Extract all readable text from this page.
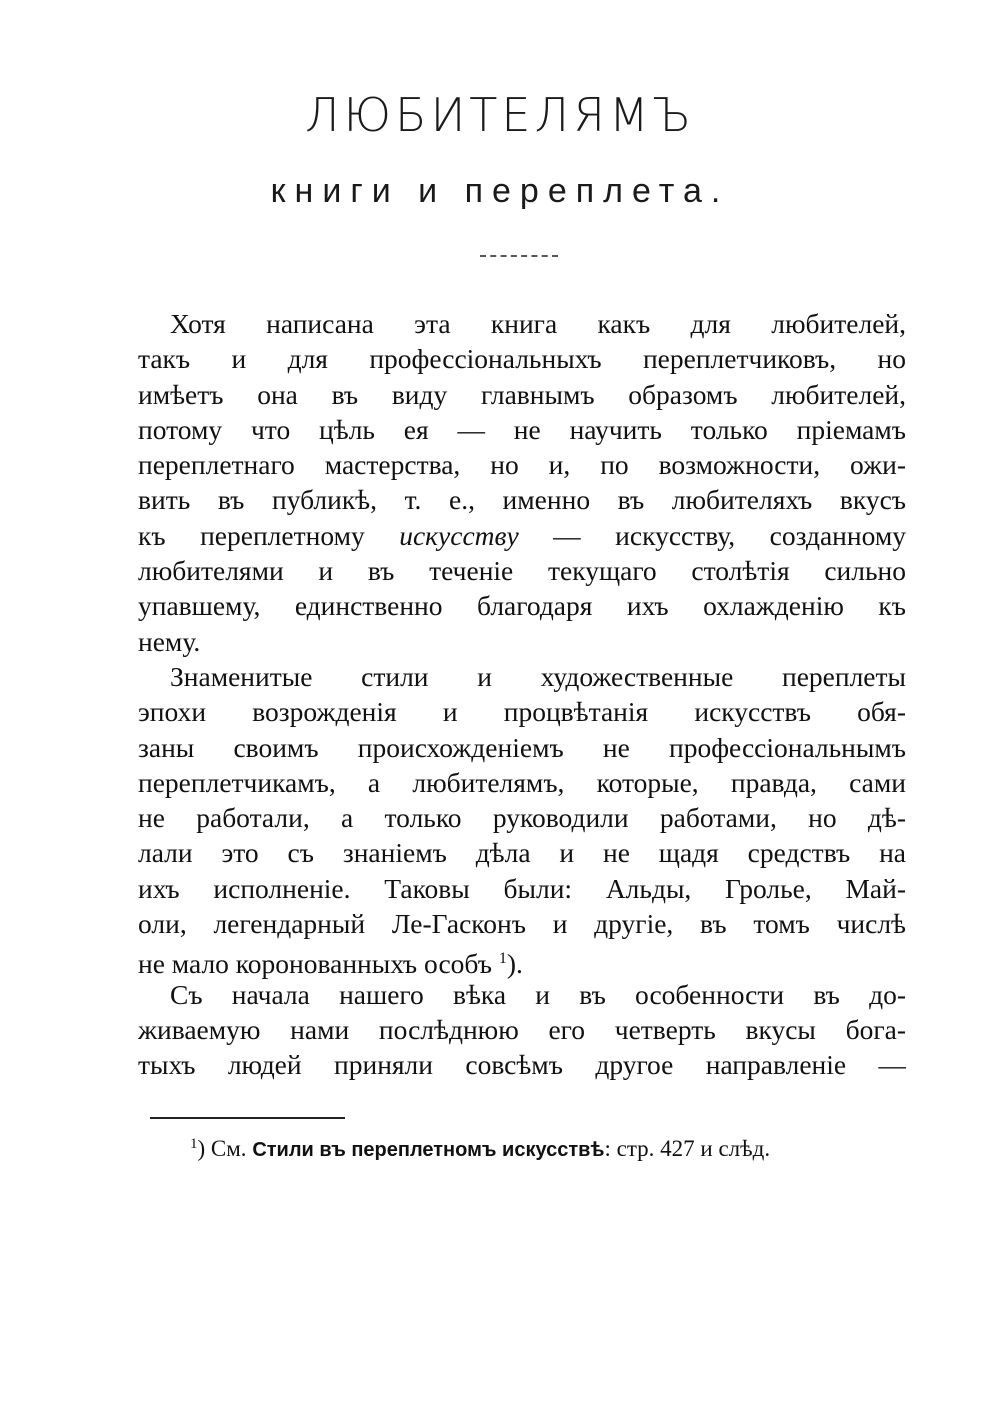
ЛЮБИТЕЛЯМЪ
книги и переплета.
Хотя написана эта книга какъ для любителей,
такъ и для профессіональныхъ переплетчиковъ, но
имѣетъ она въ виду главнымъ образомъ любителей,
потому что цѣль ея — не научить только пріемамъ
переплетнаго мастерства, но и, по возможности, ожи-
вить въ публикѣ, т. е., именно въ любителяхъ вкусъ
къ переплетному искусству — искусству, созданному
любителями и въ теченіе текущаго столѣтія сильно
упавшему, единственно благодаря ихъ охлажденію къ
нему.
Знаменитые стили и художественные переплеты
эпохи возрожденія и процвѣтанія искусствъ обя-
заны своимъ происхожденіемъ не профессіональнымъ
переплетчикамъ, а любителямъ, которые, правда, сами
не работали, а только руководили работами, но дѣ-
лали это съ знаніемъ дѣла и не щадя средствъ на
ихъ исполненіе. Таковы были: Альды, Гролье, Май-
оли, легендарный Ле-Гасконъ и другіе, въ томъ числѣ
не мало коронованныхъ особъ $^1$).
Съ начала нашего вѣка и въ особенности въ до-
живаемую нами послѣднюю его четверть вкусы бога-
тыхъ людей приняли совсѣмъ другое направленіе —
$^1$) См. Стили въ переплетномъ искусствѣ: стр. 427 и слѣд.
